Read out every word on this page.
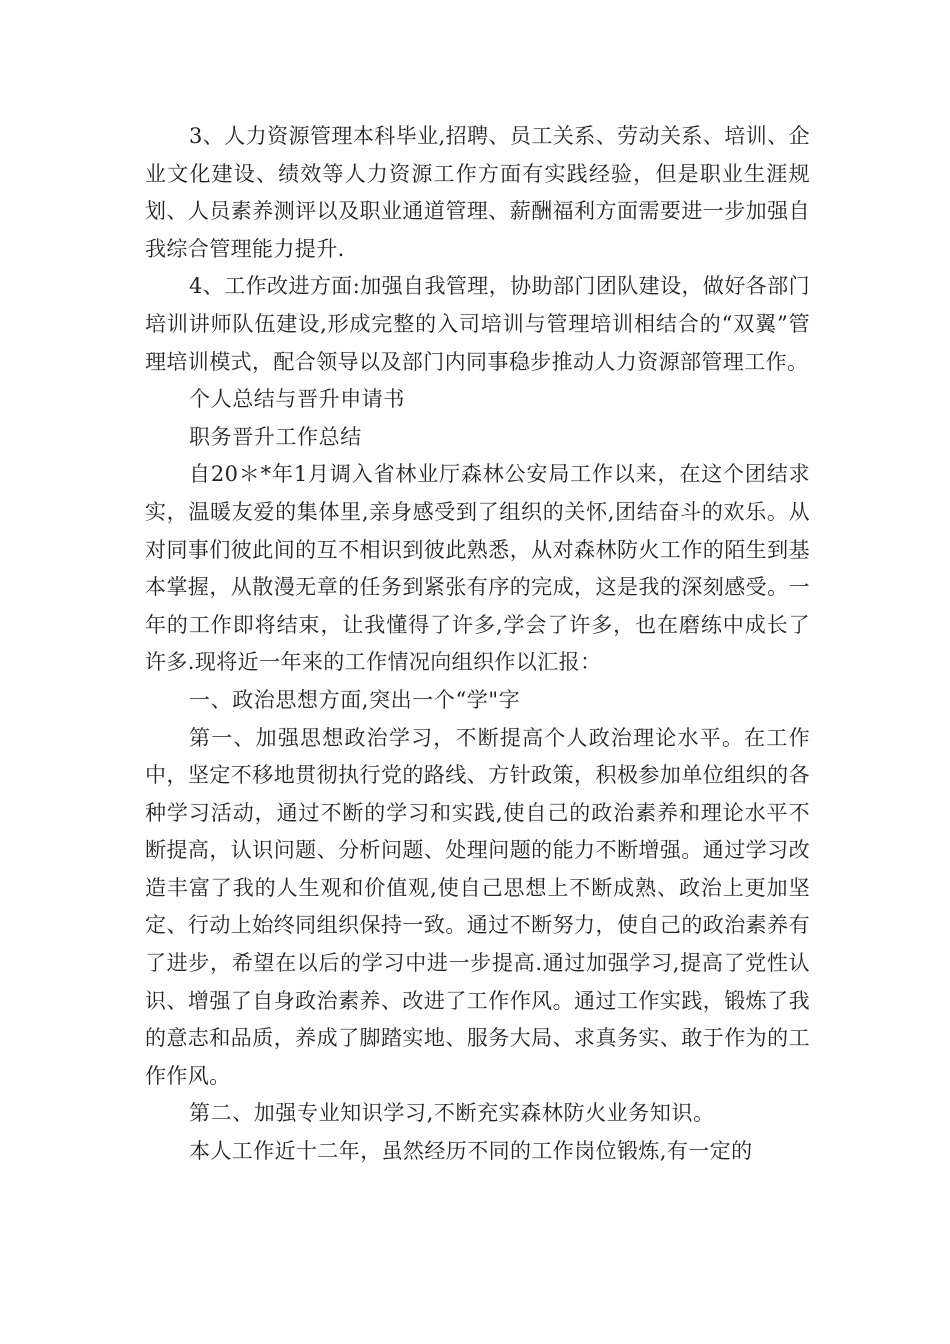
3、人力资源管理本科毕业,招聘、员工关系、劳动关系、培训、企业文化建设、绩效等人力资源工作方面有实践经验，但是职业生涯规划、人员素养测评以及职业通道管理、薪酬福利方面需要进一步加强自我综合管理能力提升.

4、工作改进方面:加强自我管理，协助部门团队建设，做好各部门培训讲师队伍建设,形成完整的入司培训与管理培训相结合的“双翼”管理培训模式，配合领导以及部门内同事稳步推动人力资源部管理工作。

个人总结与晋升申请书

职务晋升工作总结

自20＊*年1月调入省林业厅森林公安局工作以来，在这个团结求实，温暖友爱的集体里,亲身感受到了组织的关怀,团结奋斗的欢乐。从对同事们彼此间的互不相识到彼此熟悉，从对森林防火工作的陌生到基本掌握，从散漫无章的任务到紧张有序的完成，这是我的深刻感受。一年的工作即将结束，让我懂得了许多,学会了许多，也在磨练中成长了许多.现将近一年来的工作情况向组织作以汇报：

一、政治思想方面,突出一个“学"字

第一、加强思想政治学习，不断提高个人政治理论水平。在工作中，坚定不移地贯彻执行党的路线、方针政策，积极参加单位组织的各种学习活动，通过不断的学习和实践,使自己的政治素养和理论水平不断提高，认识问题、分析问题、处理问题的能力不断增强。通过学习改造丰富了我的人生观和价值观,使自己思想上不断成熟、政治上更加坚定、行动上始终同组织保持一致。通过不断努力，使自己的政治素养有了进步，希望在以后的学习中进一步提高.通过加强学习,提高了党性认识、增强了自身政治素养、改进了工作作风。通过工作实践，锻炼了我的意志和品质，养成了脚踏实地、服务大局、求真务实、敢于作为的工作作风。

第二、加强专业知识学习,不断充实森林防火业务知识。

本人工作近十二年，虽然经历不同的工作岗位锻炼,有一定的
